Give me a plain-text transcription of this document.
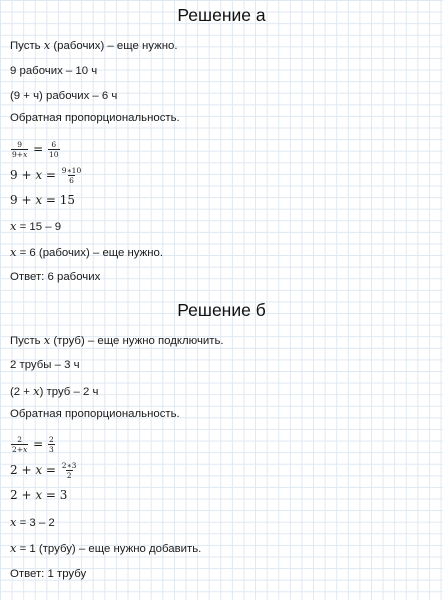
Решение а
Пусть x (рабочих) – еще нужно.
9 рабочих – 10 ч
(9 + ч) рабочих – 6 ч
Обратная пропорциональность.
$\frac{9}{9+x} = \frac{6}{10}$
$9 + x = \frac{9∗10}{6}$
9 + x = 15
x = 15 – 9
x = 6 (рабочих) – еще нужно.
Ответ: 6 рабочих
Решение б
Пусть x (труб) – еще нужно подключить.
2 трубы – 3 ч
(2 + x) труб – 2 ч
Обратная пропорциональность.
$\frac{2}{2+x} = \frac{2}{3}$
$2 + x = \frac{2∗3}{2}$
2 + x = 3
x = 3 – 2
x = 1 (трубу) – еще нужно добавить.
Ответ: 1 трубу
